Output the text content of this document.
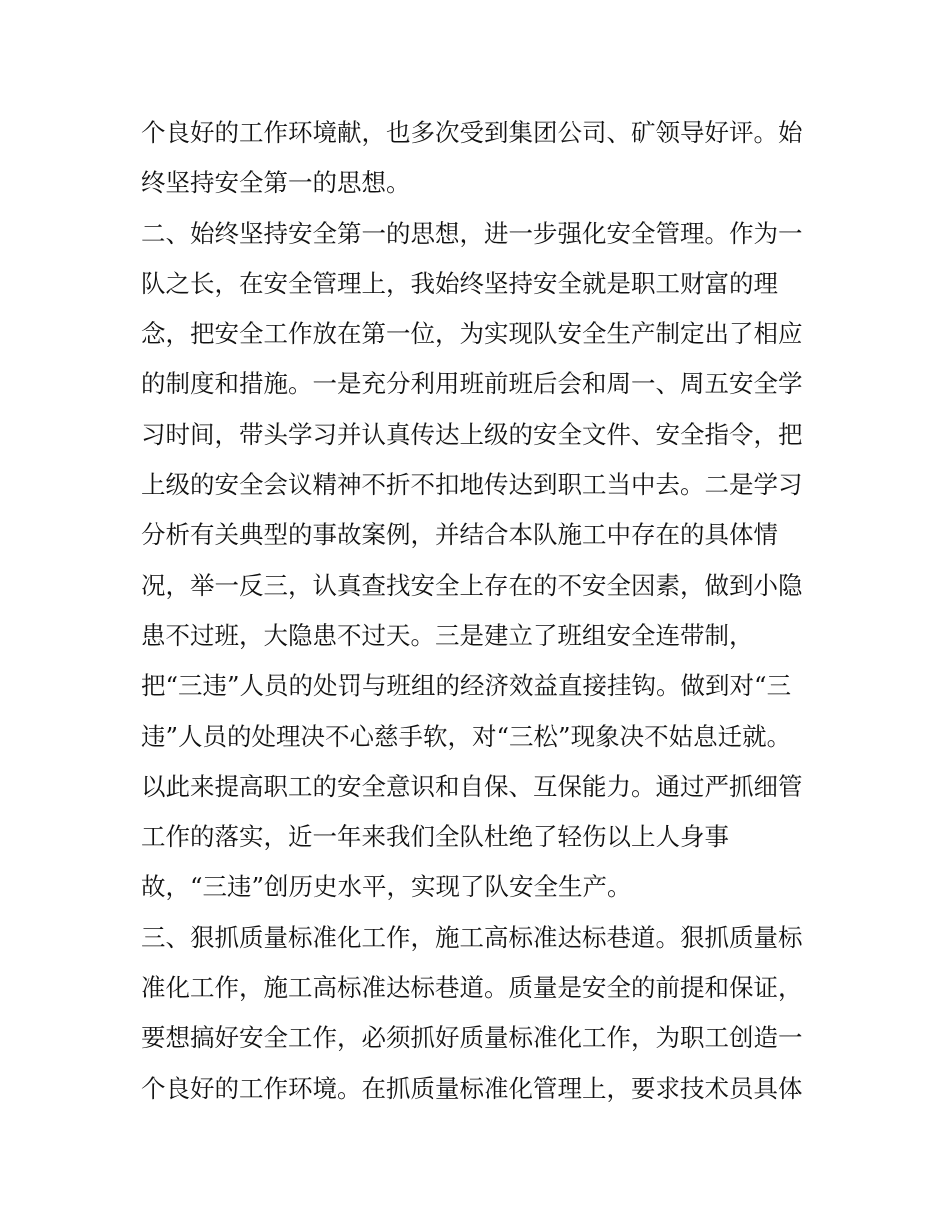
个良好的工作环境献，也多次受到集团公司、矿领导好评。始
终坚持安全第一的思想。
二、始终坚持安全第一的思想，进一步强化安全管理。作为一
队之长，在安全管理上，我始终坚持安全就是职工财富的理
念，把安全工作放在第一位，为实现队安全生产制定出了相应
的制度和措施。一是充分利用班前班后会和周一、周五安全学
习时间，带头学习并认真传达上级的安全文件、安全指令，把
上级的安全会议精神不折不扣地传达到职工当中去。二是学习
分析有关典型的事故案例，并结合本队施工中存在的具体情
况，举一反三，认真查找安全上存在的不安全因素，做到小隐
患不过班，大隐患不过天。三是建立了班组安全连带制，
把“三违”人员的处罚与班组的经济效益直接挂钩。做到对“三
违”人员的处理决不心慈手软，对“三松”现象决不姑息迁就。
以此来提高职工的安全意识和自保、互保能力。通过严抓细管
工作的落实，近一年来我们全队杜绝了轻伤以上人身事
故，“三违”创历史水平，实现了队安全生产。
三、狠抓质量标准化工作，施工高标准达标巷道。狠抓质量标
准化工作，施工高标准达标巷道。质量是安全的前提和保证，
要想搞好安全工作，必须抓好质量标准化工作，为职工创造一
个良好的工作环境。在抓质量标准化管理上，要求技术员具体
